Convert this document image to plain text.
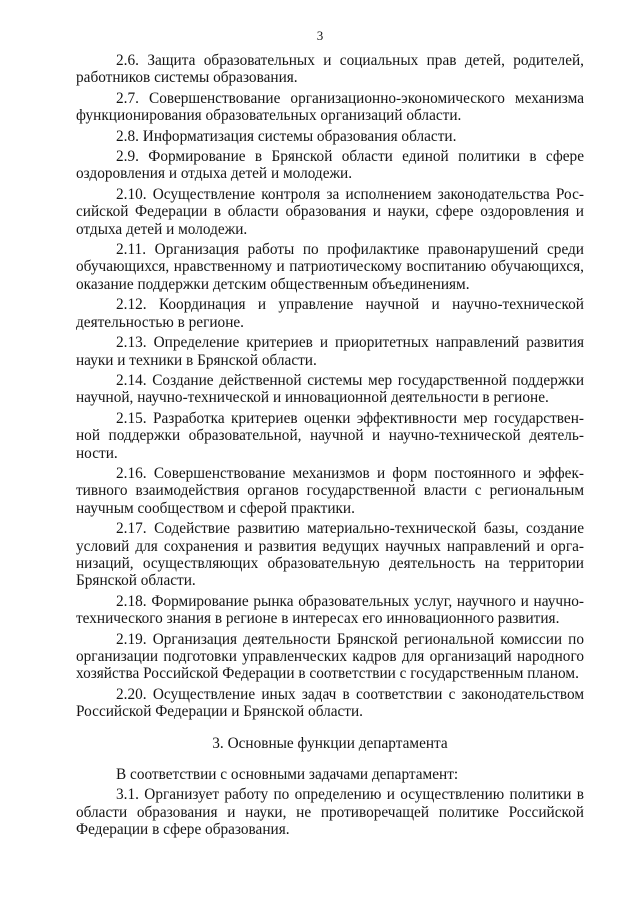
3

2.6. Защита образовательных и социальных прав детей, родителей, работников системы образования.

2.7. Совершенствование организационно-экономического механизма функционирования образовательных организаций области.

2.8. Информатизация системы образования области.

2.9. Формирование в Брянской области единой политики в сфере оздоровления и отдыха детей и молодежи.

2.10. Осуществление контроля за исполнением законодательства Российской Федерации в области образования и науки, сфере оздоровления и отдыха детей и молодежи.

2.11. Организация работы по профилактике правонарушений среди обучающихся, нравственному и патриотическому воспитанию обучающихся, оказание поддержки детским общественным объединениям.

2.12. Координация и управление научной и научно-технической деятельностью в регионе.

2.13. Определение критериев и приоритетных направлений развития науки и техники в Брянской области.

2.14. Создание действенной системы мер государственной поддержки научной, научно-технической и инновационной деятельности в регионе.

2.15. Разработка критериев оценки эффективности мер государственной поддержки образовательной, научной и научно-технической деятельности.

2.16. Совершенствование механизмов и форм постоянного и эффективного взаимодействия органов государственной власти с региональным научным сообществом и сферой практики.

2.17. Содействие развитию материально-технической базы, создание условий для сохранения и развития ведущих научных направлений и организаций, осуществляющих образовательную деятельность на территории Брянской области.

2.18. Формирование рынка образовательных услуг, научного и научно-технического знания в регионе в интересах его инновационного развития.

2.19. Организация деятельности Брянской региональной комиссии по организации подготовки управленческих кадров для организаций народного хозяйства Российской Федерации в соответствии с государственным планом.

2.20. Осуществление иных задач в соответствии с законодательством Российской Федерации и Брянской области.

3. Основные функции департамента

В соответствии с основными задачами департамент:

3.1. Организует работу по определению и осуществлению политики в области образования и науки, не противоречащей политике Российской Федерации в сфере образования.
